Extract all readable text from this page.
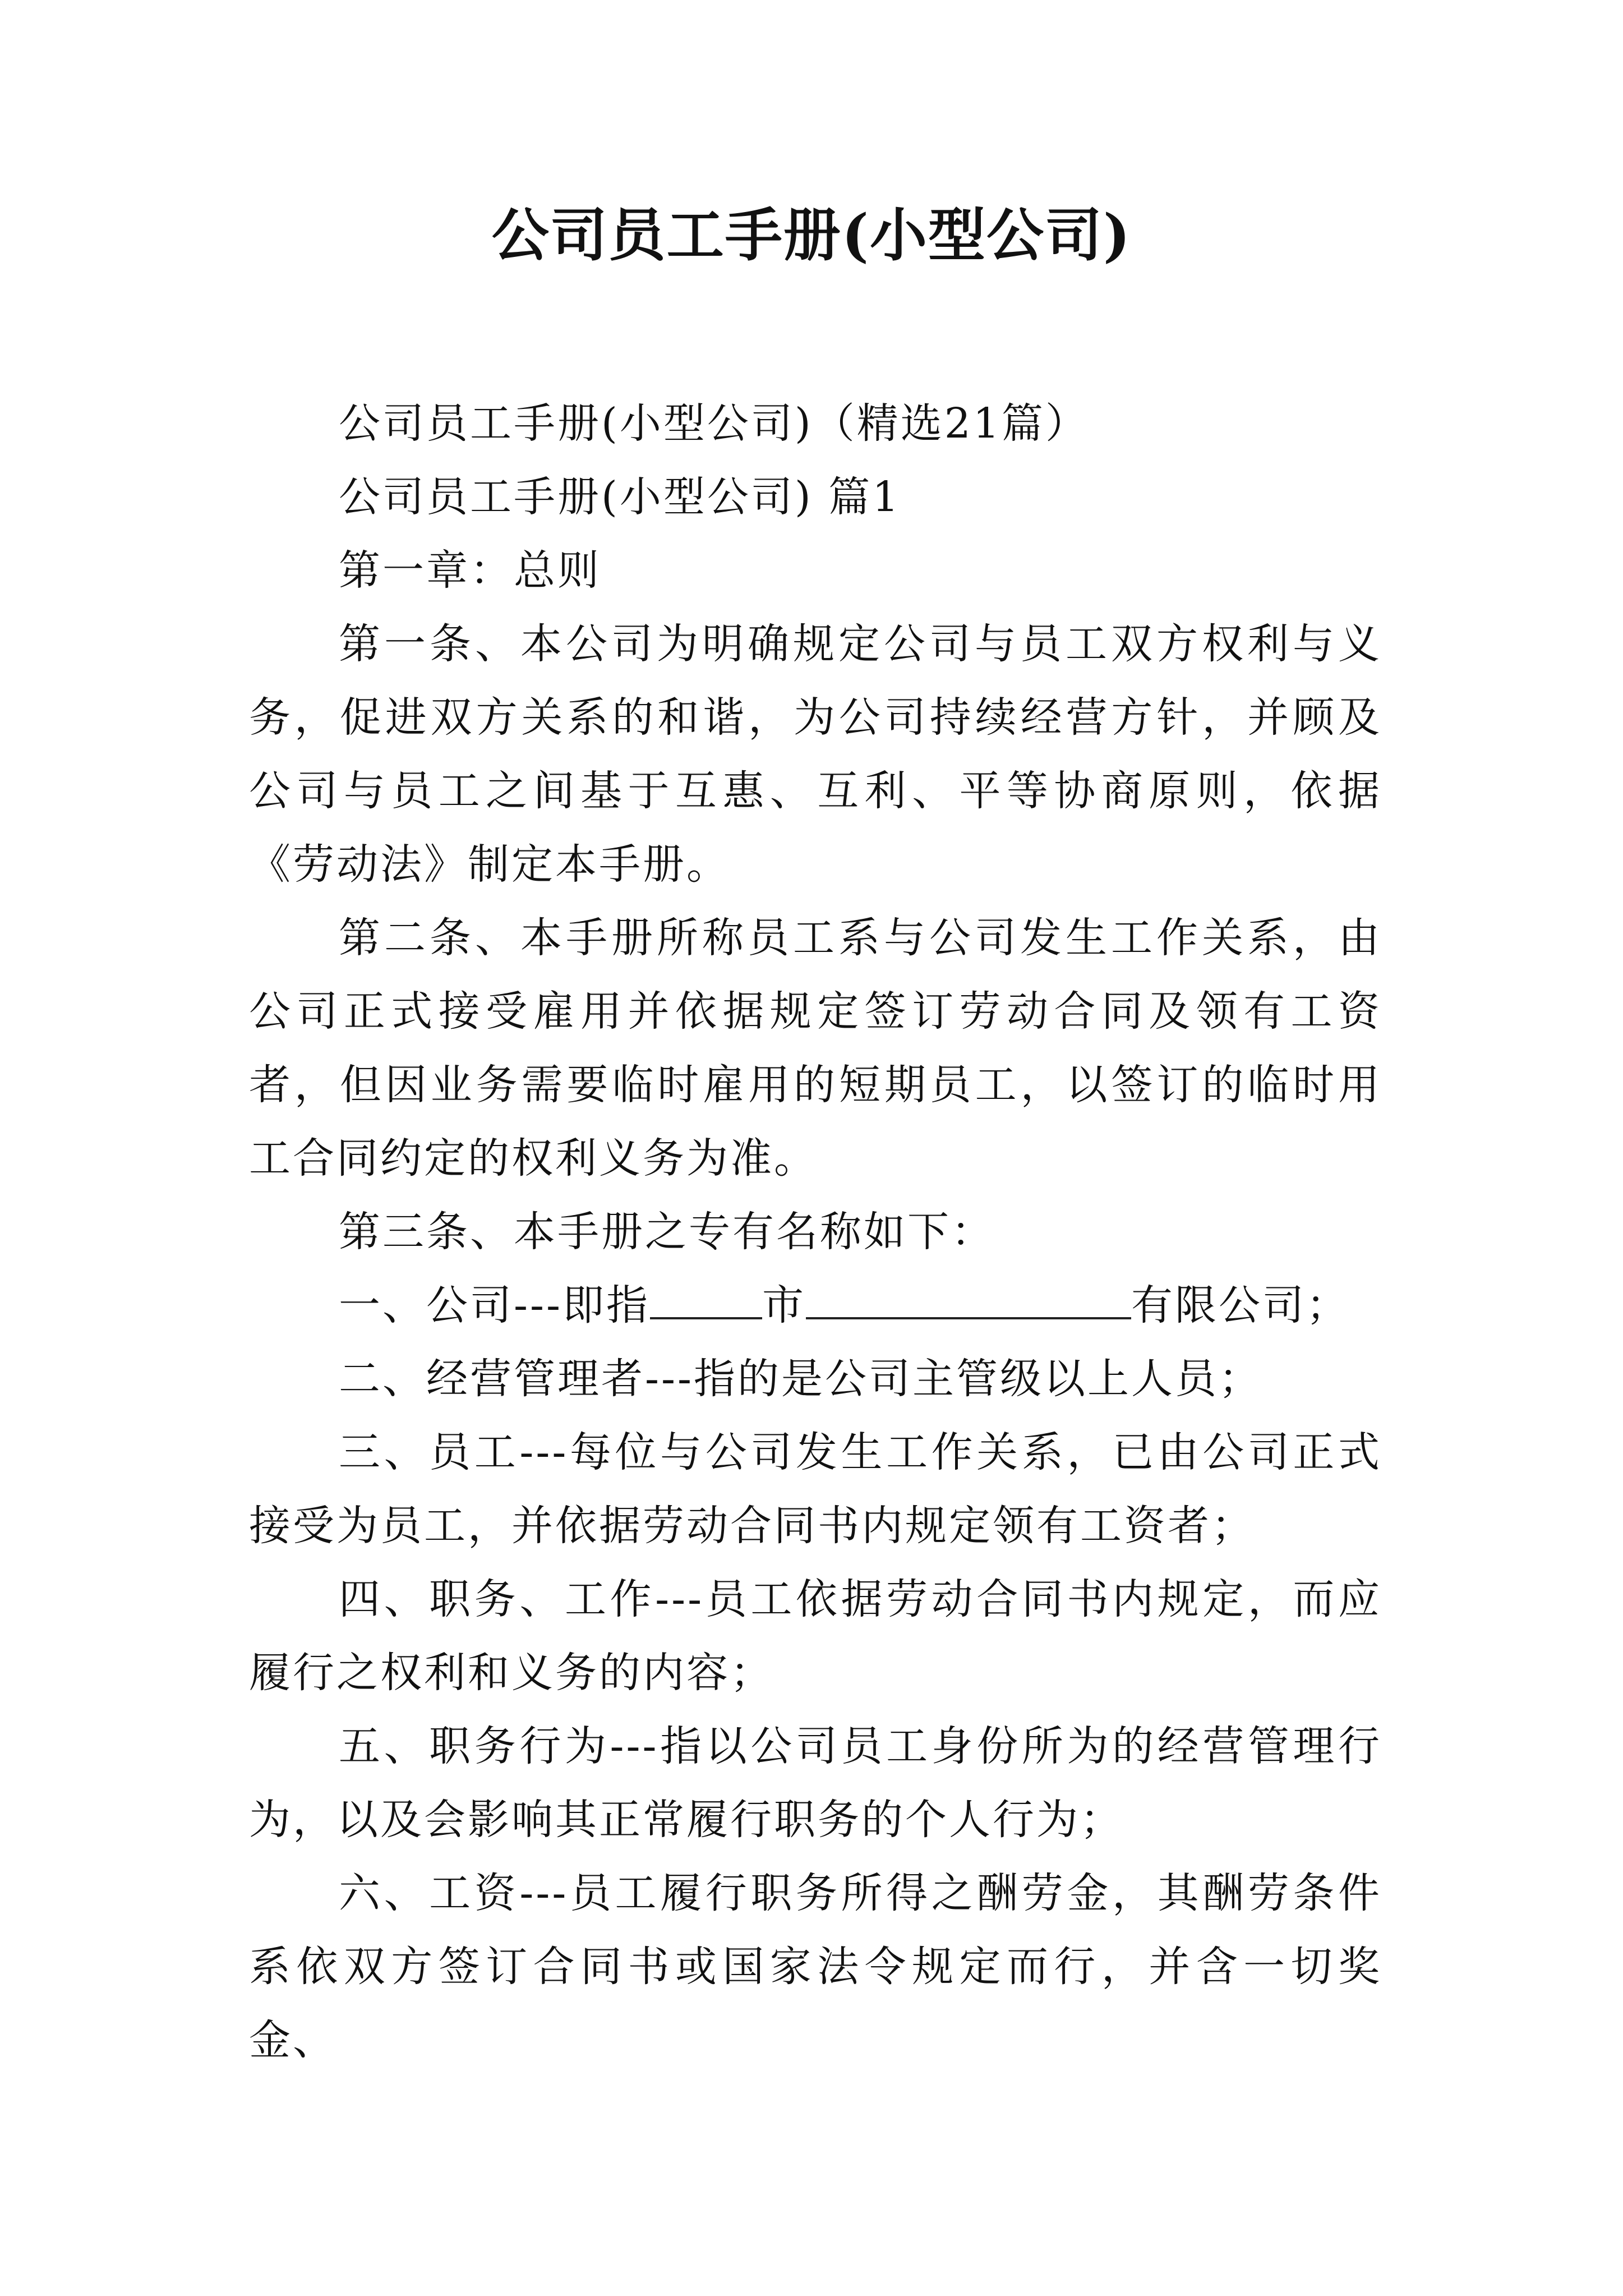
公司员工手册(小型公司)

公司员工手册(小型公司)（精选21篇）

公司员工手册(小型公司) 篇1

第一章：总则

第一条、本公司为明确规定公司与员工双方权利与义务，促进双方关系的和谐，为公司持续经营方针，并顾及公司与员工之间基于互惠、互利、平等协商原则，依据《劳动法》制定本手册。

第二条、本手册所称员工系与公司发生工作关系，由公司正式接受雇用并依据规定签订劳动合同及领有工资者，但因业务需要临时雇用的短期员工，以签订的临时用工合同约定的权利义务为准。

第三条、本手册之专有名称如下：

一、公司---即指	市	有限公司；

二、经营管理者---指的是公司主管级以上人员；

三、员工---每位与公司发生工作关系，已由公司正式接受为员工，并依据劳动合同书内规定领有工资者；

四、职务、工作---员工依据劳动合同书内规定，而应履行之权利和义务的内容；

五、职务行为---指以公司员工身份所为的经营管理行为，以及会影响其正常履行职务的个人行为；

六、工资---员工履行职务所得之酬劳金，其酬劳条件系依双方签订合同书或国家法令规定而行，并含一切奖金、
